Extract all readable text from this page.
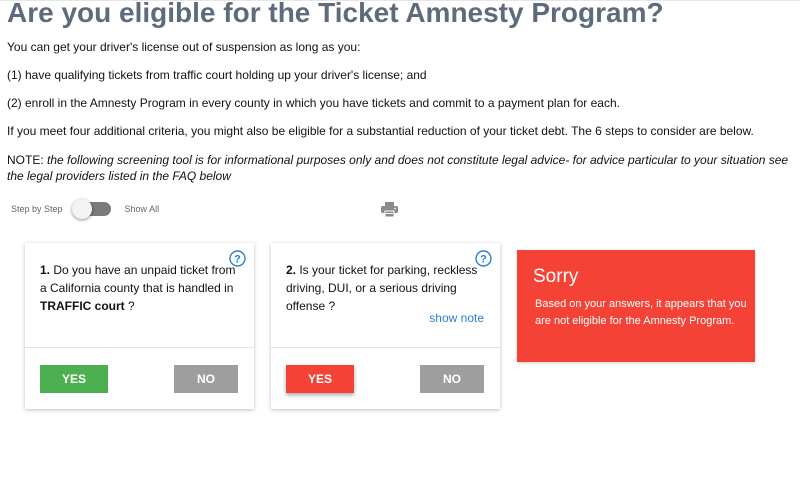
Are you eligible for the Ticket Amnesty Program?

You can get your driver's license out of suspension as long as you:

(1) have qualifying tickets from traffic court holding up your driver's license; and

(2) enroll in the Amnesty Program in every county in which you have tickets and commit to a payment plan for each.

If you meet four additional criteria, you might also be eligible for a substantial reduction of your ticket debt. The 6 steps to consider are below.

NOTE: the following screening tool is for informational purposes only and does not constitute legal advice- for advice particular to your situation see the legal providers listed in the FAQ below

Step by Step	Show All
?

1. Do you have an unpaid ticket from a California county that is handled in TRAFFIC court ?

YES	NO
?

2. Is your ticket for parking, reckless driving, DUI, or a serious driving offense ?

show note
YES	NO
Sorry

Based on your answers, it appears that you are not eligible for the Amnesty Program.
